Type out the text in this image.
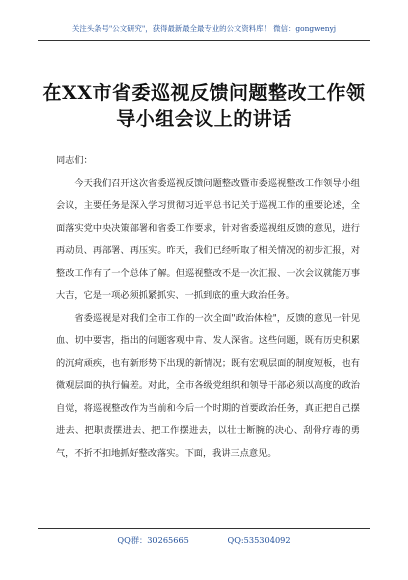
关注头条号"公文研究"，获得最新最全最专业的公文资料库！ 微信：gongwenyj
在XX市省委巡视反馈问题整改工作领
导小组会议上的讲话

同志们：

今天我们召开这次省委巡视反馈问题整改暨市委巡视整改工作领导小组会议，主要任务是深入学习贯彻习近平总书记关于巡视工作的重要论述，全面落实党中央决策部署和省委工作要求，针对省委巡视组反馈的意见，进行再动员、再部署、再压实。昨天，我们已经听取了相关情况的初步汇报，对整改工作有了一个总体了解。但巡视整改不是一次汇报、一次会议就能万事大吉，它是一项必须抓紧抓实、一抓到底的重大政治任务。

省委巡视是对我们全市工作的一次全面"政治体检"，反馈的意见一针见血、切中要害，指出的问题客观中肯、发人深省。这些问题，既有历史积累的沉疴顽疾，也有新形势下出现的新情况；既有宏观层面的制度短板，也有微观层面的执行偏差。对此，全市各级党组织和领导干部必须以高度的政治自觉，将巡视整改作为当前和今后一个时期的首要政治任务，真正把自己摆进去、把职责摆进去、把工作摆进去，以壮士断腕的决心、刮骨疗毒的勇气，不折不扣地抓好整改落实。下面，我讲三点意见。

QQ群：30265665	QQ:535304092
